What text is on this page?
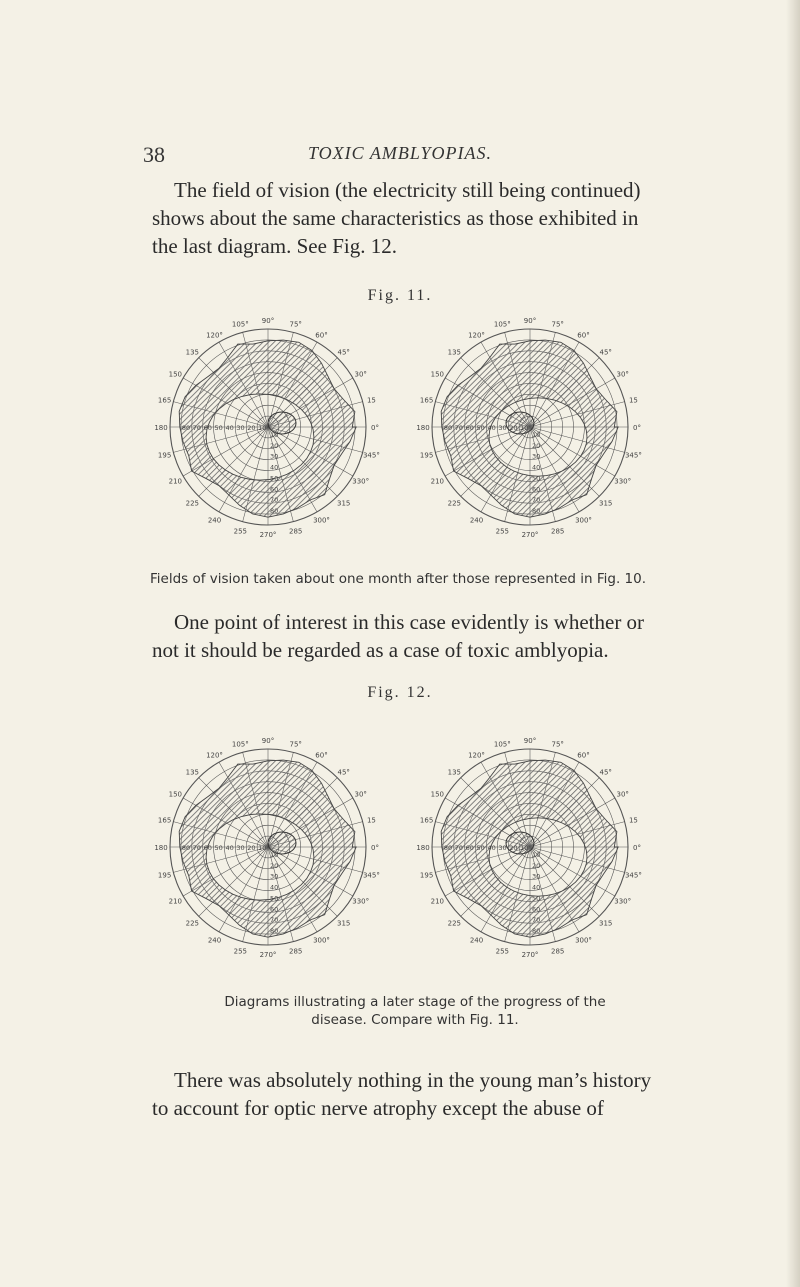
38	TOXIC AMBLYOPIAS.
The field of vision (the electricity still being continued) shows about the same characteristics as those exhibited in the last diagram. See Fig. 12.
Fig. 11.
10
10
20
20
30
30
40
40
50
50
60
60
70
70
80
80
0°
15
30°
45°
60°
75°
90°
105°
120°
135
150
165
180
195
210
225
240
255 270° 285
300°
315
330°
345°
10
10
20
20
30
30
40
40
50
50
60
60
70
70
80
80
0°
15
30°
45°
60°
75°
90°
105°
120°
135
150
165
180
195
210
225
240
255 270° 285
300°
315
330°
345°
Fields of vision taken about one month after those represented in Fig. 10.
One point of interest in this case evidently is whether or not it should be regarded as a case of toxic amblyopia.
Fig. 12.
10
10
20
20
30
30
40
40
50
50
60
60
70
70
80
80
0°
15
30°
45°
60°
75°
90°
105°
120°
135
150
165
180
195
210
225
240
255 270° 285
300°
315
330°
345°
10
10
20
20
30
30
40
40
50
50
60
60
70
70
80
80
0°
15
30°
45°
60°
75°
90°
105°
120°
135
150
165
180
195
210
225
240
255 270° 285
300°
315
330°
345°
Diagrams illustrating a later stage of the progress of the disease. Compare with Fig. 11.
There was absolutely nothing in the young man’s history to account for optic nerve atrophy except the abuse of
